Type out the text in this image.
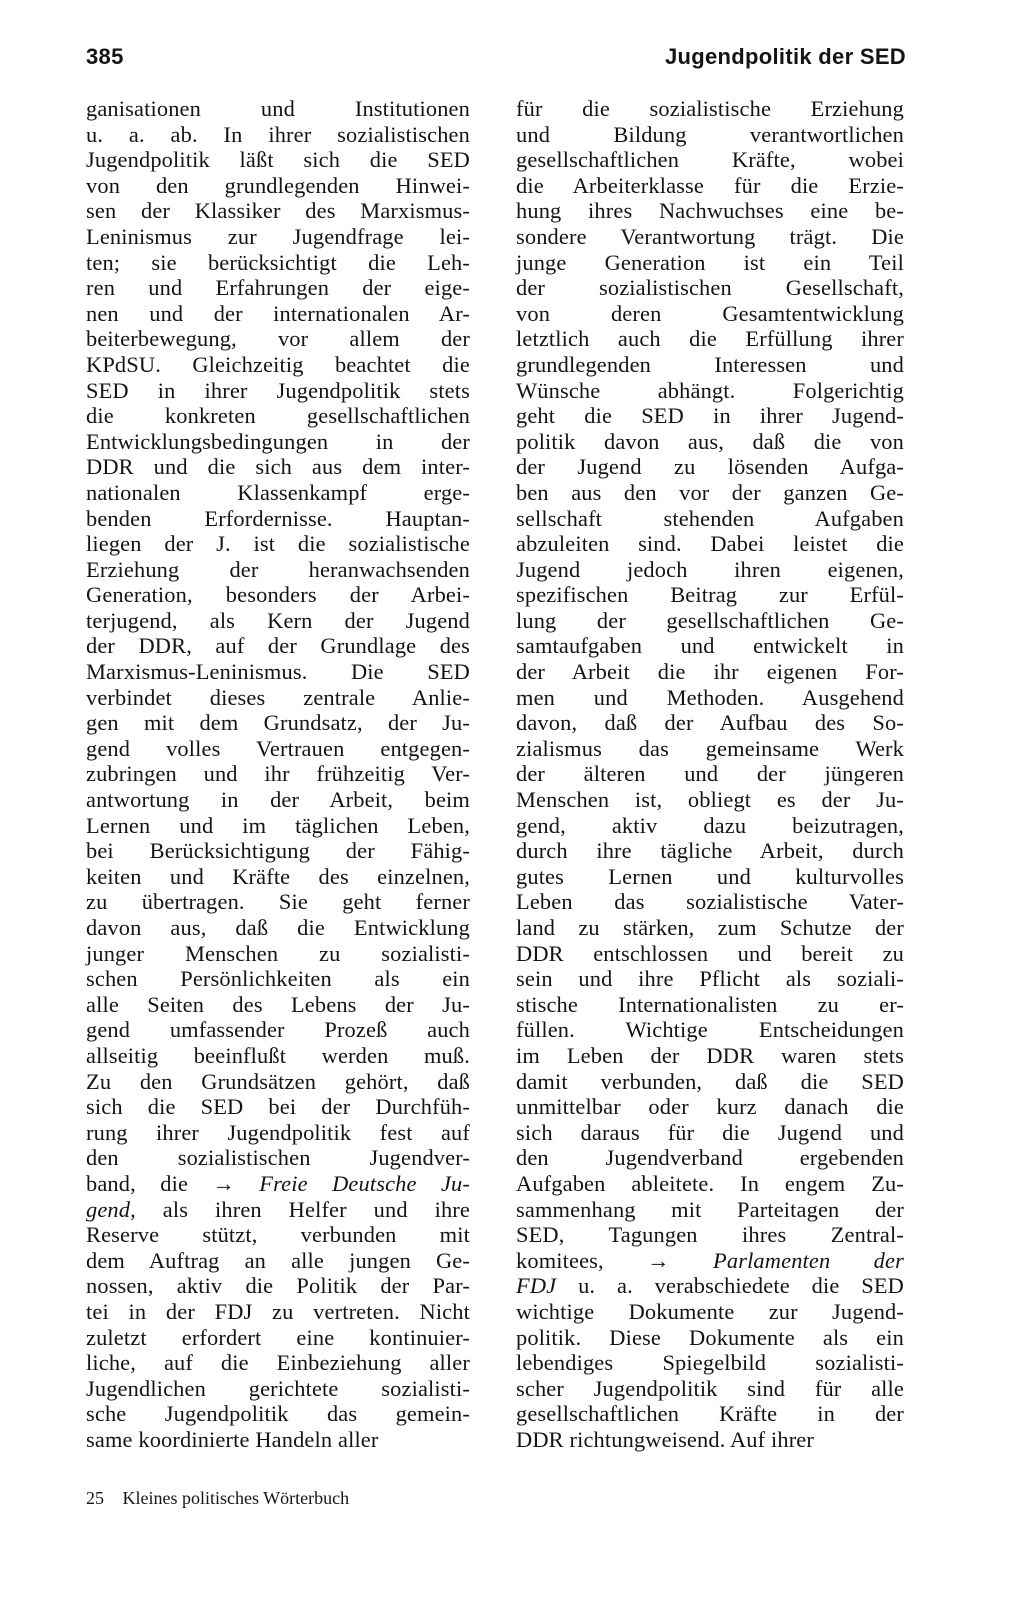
385	Jugendpolitik der SED
ganisationen und Institutionen
u. a. ab. In ihrer sozialistischen
Jugendpolitik läßt sich die SED
von den grundlegenden Hinwei-
sen der Klassiker des Marxismus-
Leninismus zur Jugendfrage lei-
ten; sie berücksichtigt die Leh-
ren und Erfahrungen der eige-
nen und der internationalen Ar-
beiterbewegung, vor allem der
KPdSU. Gleichzeitig beachtet die
SED in ihrer Jugendpolitik stets
die konkreten gesellschaftlichen
Entwicklungsbedingungen in der
DDR und die sich aus dem inter-
nationalen Klassenkampf erge-
benden Erfordernisse. Hauptan-
liegen der J. ist die sozialistische
Erziehung der heranwachsenden
Generation, besonders der Arbei-
terjugend, als Kern der Jugend
der DDR, auf der Grundlage des
Marxismus-Leninismus. Die SED
verbindet dieses zentrale Anlie-
gen mit dem Grundsatz, der Ju-
gend volles Vertrauen entgegen-
zubringen und ihr frühzeitig Ver-
antwortung in der Arbeit, beim
Lernen und im täglichen Leben,
bei Berücksichtigung der Fähig-
keiten und Kräfte des einzelnen,
zu übertragen. Sie geht ferner
davon aus, daß die Entwicklung
junger Menschen zu sozialisti-
schen Persönlichkeiten als ein
alle Seiten des Lebens der Ju-
gend umfassender Prozeß auch
allseitig beeinflußt werden muß.
Zu den Grundsätzen gehört, daß
sich die SED bei der Durchfüh-
rung ihrer Jugendpolitik fest auf
den sozialistischen Jugendver-
band, die → Freie Deutsche Ju-
gend, als ihren Helfer und ihre
Reserve stützt, verbunden mit
dem Auftrag an alle jungen Ge-
nossen, aktiv die Politik der Par-
tei in der FDJ zu vertreten. Nicht
zuletzt erfordert eine kontinuier-
liche, auf die Einbeziehung aller
Jugendlichen gerichtete sozialisti-
sche Jugendpolitik das gemein-
same koordinierte Handeln aller
für die sozialistische Erziehung
und Bildung verantwortlichen
gesellschaftlichen Kräfte, wobei
die Arbeiterklasse für die Erzie-
hung ihres Nachwuchses eine be-
sondere Verantwortung trägt. Die
junge Generation ist ein Teil
der sozialistischen Gesellschaft,
von deren Gesamtentwicklung
letztlich auch die Erfüllung ihrer
grundlegenden Interessen und
Wünsche abhängt. Folgerichtig
geht die SED in ihrer Jugend-
politik davon aus, daß die von
der Jugend zu lösenden Aufga-
ben aus den vor der ganzen Ge-
sellschaft stehenden Aufgaben
abzuleiten sind. Dabei leistet die
Jugend jedoch ihren eigenen,
spezifischen Beitrag zur Erfül-
lung der gesellschaftlichen Ge-
samtaufgaben und entwickelt in
der Arbeit die ihr eigenen For-
men und Methoden. Ausgehend
davon, daß der Aufbau des So-
zialismus das gemeinsame Werk
der älteren und der jüngeren
Menschen ist, obliegt es der Ju-
gend, aktiv dazu beizutragen,
durch ihre tägliche Arbeit, durch
gutes Lernen und kulturvolles
Leben das sozialistische Vater-
land zu stärken, zum Schutze der
DDR entschlossen und bereit zu
sein und ihre Pflicht als soziali-
stische Internationalisten zu er-
füllen. Wichtige Entscheidungen
im Leben der DDR waren stets
damit verbunden, daß die SED
unmittelbar oder kurz danach die
sich daraus für die Jugend und
den Jugendverband ergebenden
Aufgaben ableitete. In engem Zu-
sammenhang mit Parteitagen der
SED, Tagungen ihres Zentral-
komitees, → Parlamenten der
FDJ u. a. verabschiedete die SED
wichtige Dokumente zur Jugend-
politik. Diese Dokumente als ein
lebendiges Spiegelbild sozialisti-
scher Jugendpolitik sind für alle
gesellschaftlichen Kräfte in der
DDR richtungweisend. Auf ihrer
25 Kleines politisches Wörterbuch
